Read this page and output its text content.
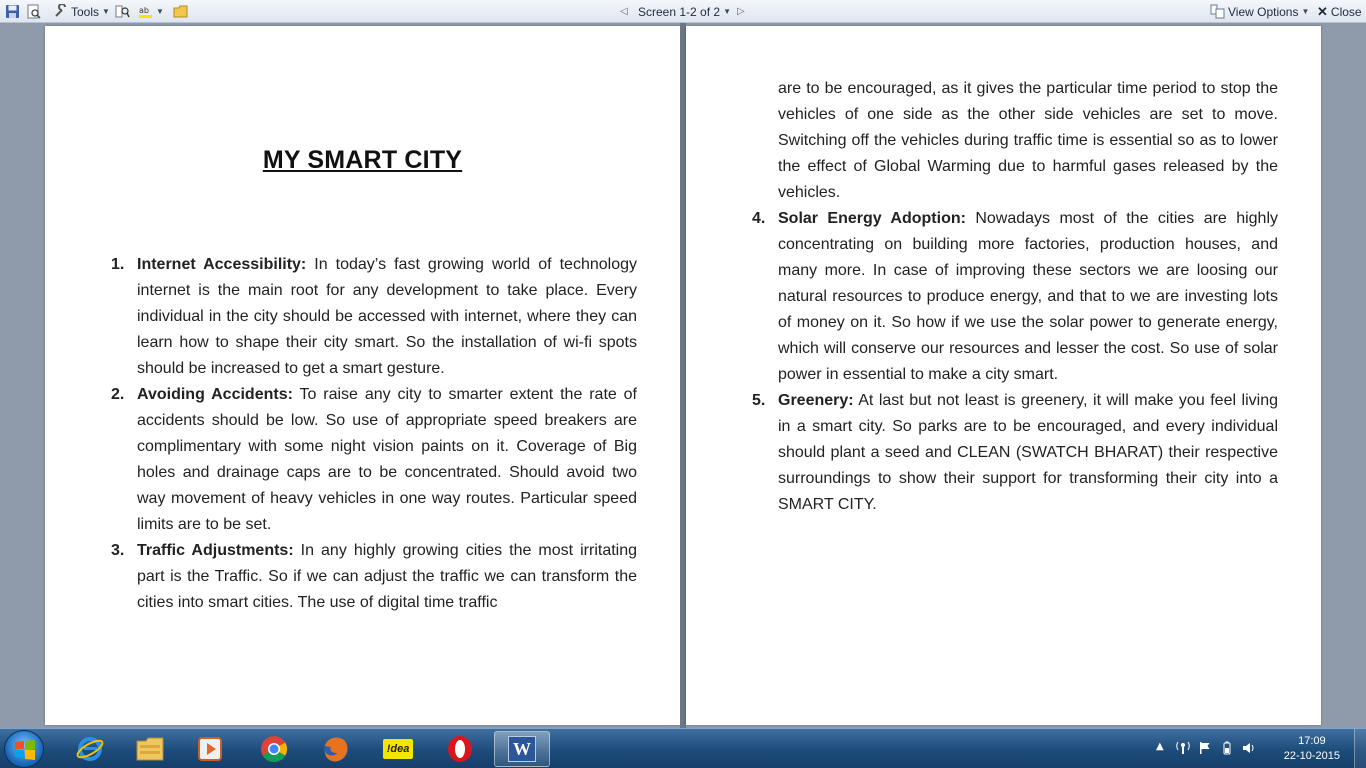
Tools ▼	ab ▼	◁ Screen 1-2 of 2 ▼ ▷	View Options ▼ ✕ Close
MY SMART CITY
1. Internet Accessibility: In today’s fast growing world of technology internet is the main root for any development to take place. Every individual in the city should be accessed with internet, where they can learn how to shape their city smart. So the installation of wi-fi spots should be increased to get a smart gesture.
2. Avoiding Accidents: To raise any city to smarter extent the rate of accidents should be low. So use of appropriate speed breakers are complimentary with some night vision paints on it. Coverage of Big holes and drainage caps are to be concentrated. Should avoid two way movement of heavy vehicles in one way routes. Particular speed limits are to be set.
3. Traffic Adjustments: In any highly growing cities the most irritating part is the Traffic. So if we can adjust the traffic we can transform the cities into smart cities. The use of digital time traffic
are to be encouraged, as it gives the particular time period to stop the vehicles of one side as the other side vehicles are set to move. Switching off the vehicles during traffic time is essential so as to lower the effect of Global Warming due to harmful gases released by the vehicles.
4. Solar Energy Adoption: Nowadays most of the cities are highly concentrating on building more factories, production houses, and many more. In case of improving these sectors we are loosing our natural resources to produce energy, and that to we are investing lots of money on it. So how if we use the solar power to generate energy, which will conserve our resources and lesser the cost. So use of solar power in essential to make a city smart.
5. Greenery: At last but not least is greenery, it will make you feel living in a smart city. So parks are to be encouraged, and every individual should plant a seed and CLEAN (SWATCH BHARAT) their respective surroundings to show their support for transforming their city into a SMART CITY.
!dea	W	▲	17:09
22-10-2015
